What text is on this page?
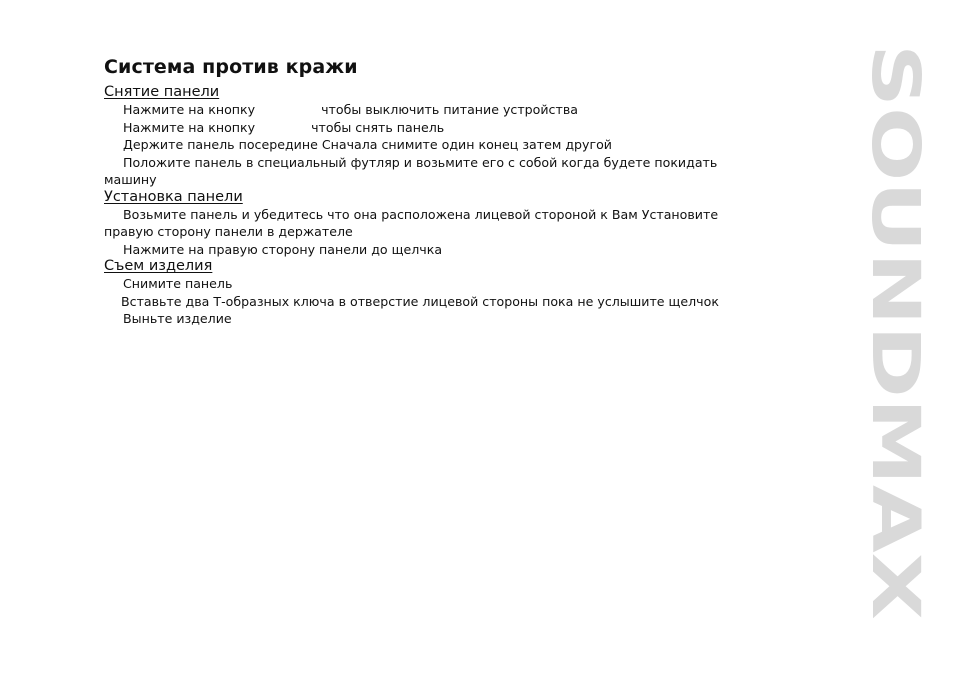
Система против кражи

Снятие панели

Нажмите на кнопку	чтобы выключить питание устройства

Нажмите на кнопку	чтобы снять панель

Держите панель посередине Сначала снимите один конец затем другой

Положите панель в специальный футляр и возьмите его с собой когда будете покидать машину

Установка панели

Возьмите панель и убедитесь что она расположена лицевой стороной к Вам Установите правую сторону панели в держателе

Нажмите на правую сторону панели до щелчка

Съем изделия

Снимите панель

Вставьте два Т-образных ключа в отверстие лицевой стороны пока не услышите щелчок

Выньте изделие	SOUNDMAX
